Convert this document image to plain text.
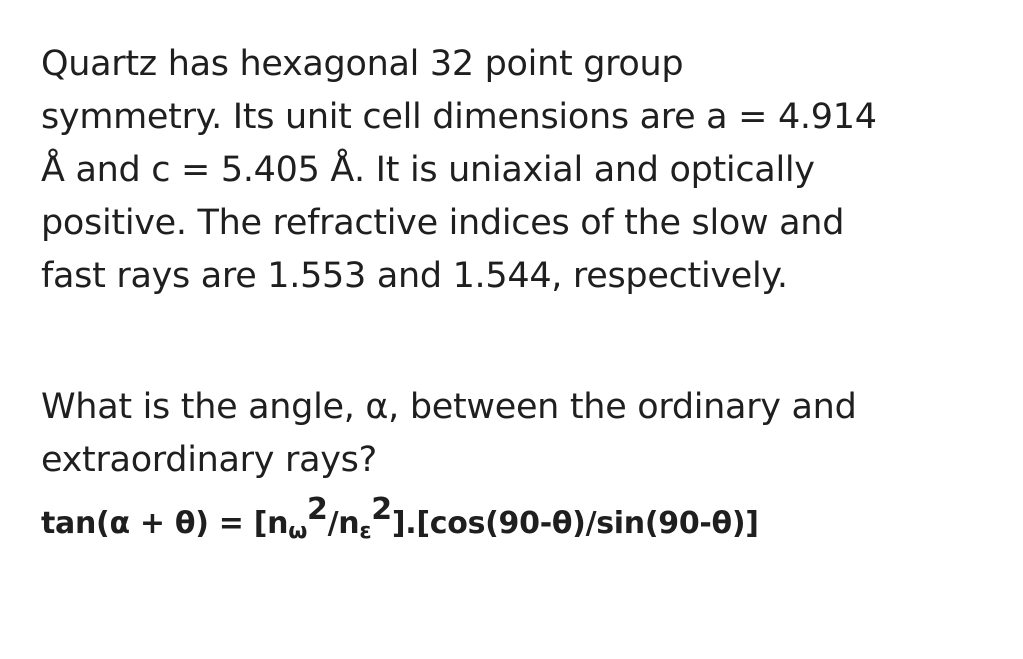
Quartz has hexagonal 32 point group
symmetry. Its unit cell dimensions are a = 4.914
Å and c = 5.405 Å. It is uniaxial and optically
positive. The refractive indices of the slow and
fast rays are 1.553 and 1.544, respectively.

What is the angle, α, between the ordinary and
extraordinary rays?

$\tan(\alpha + \theta) = [n_\omega^2/n_\varepsilon^2].[\cos(90-\theta)/\sin(90-\theta)]$
